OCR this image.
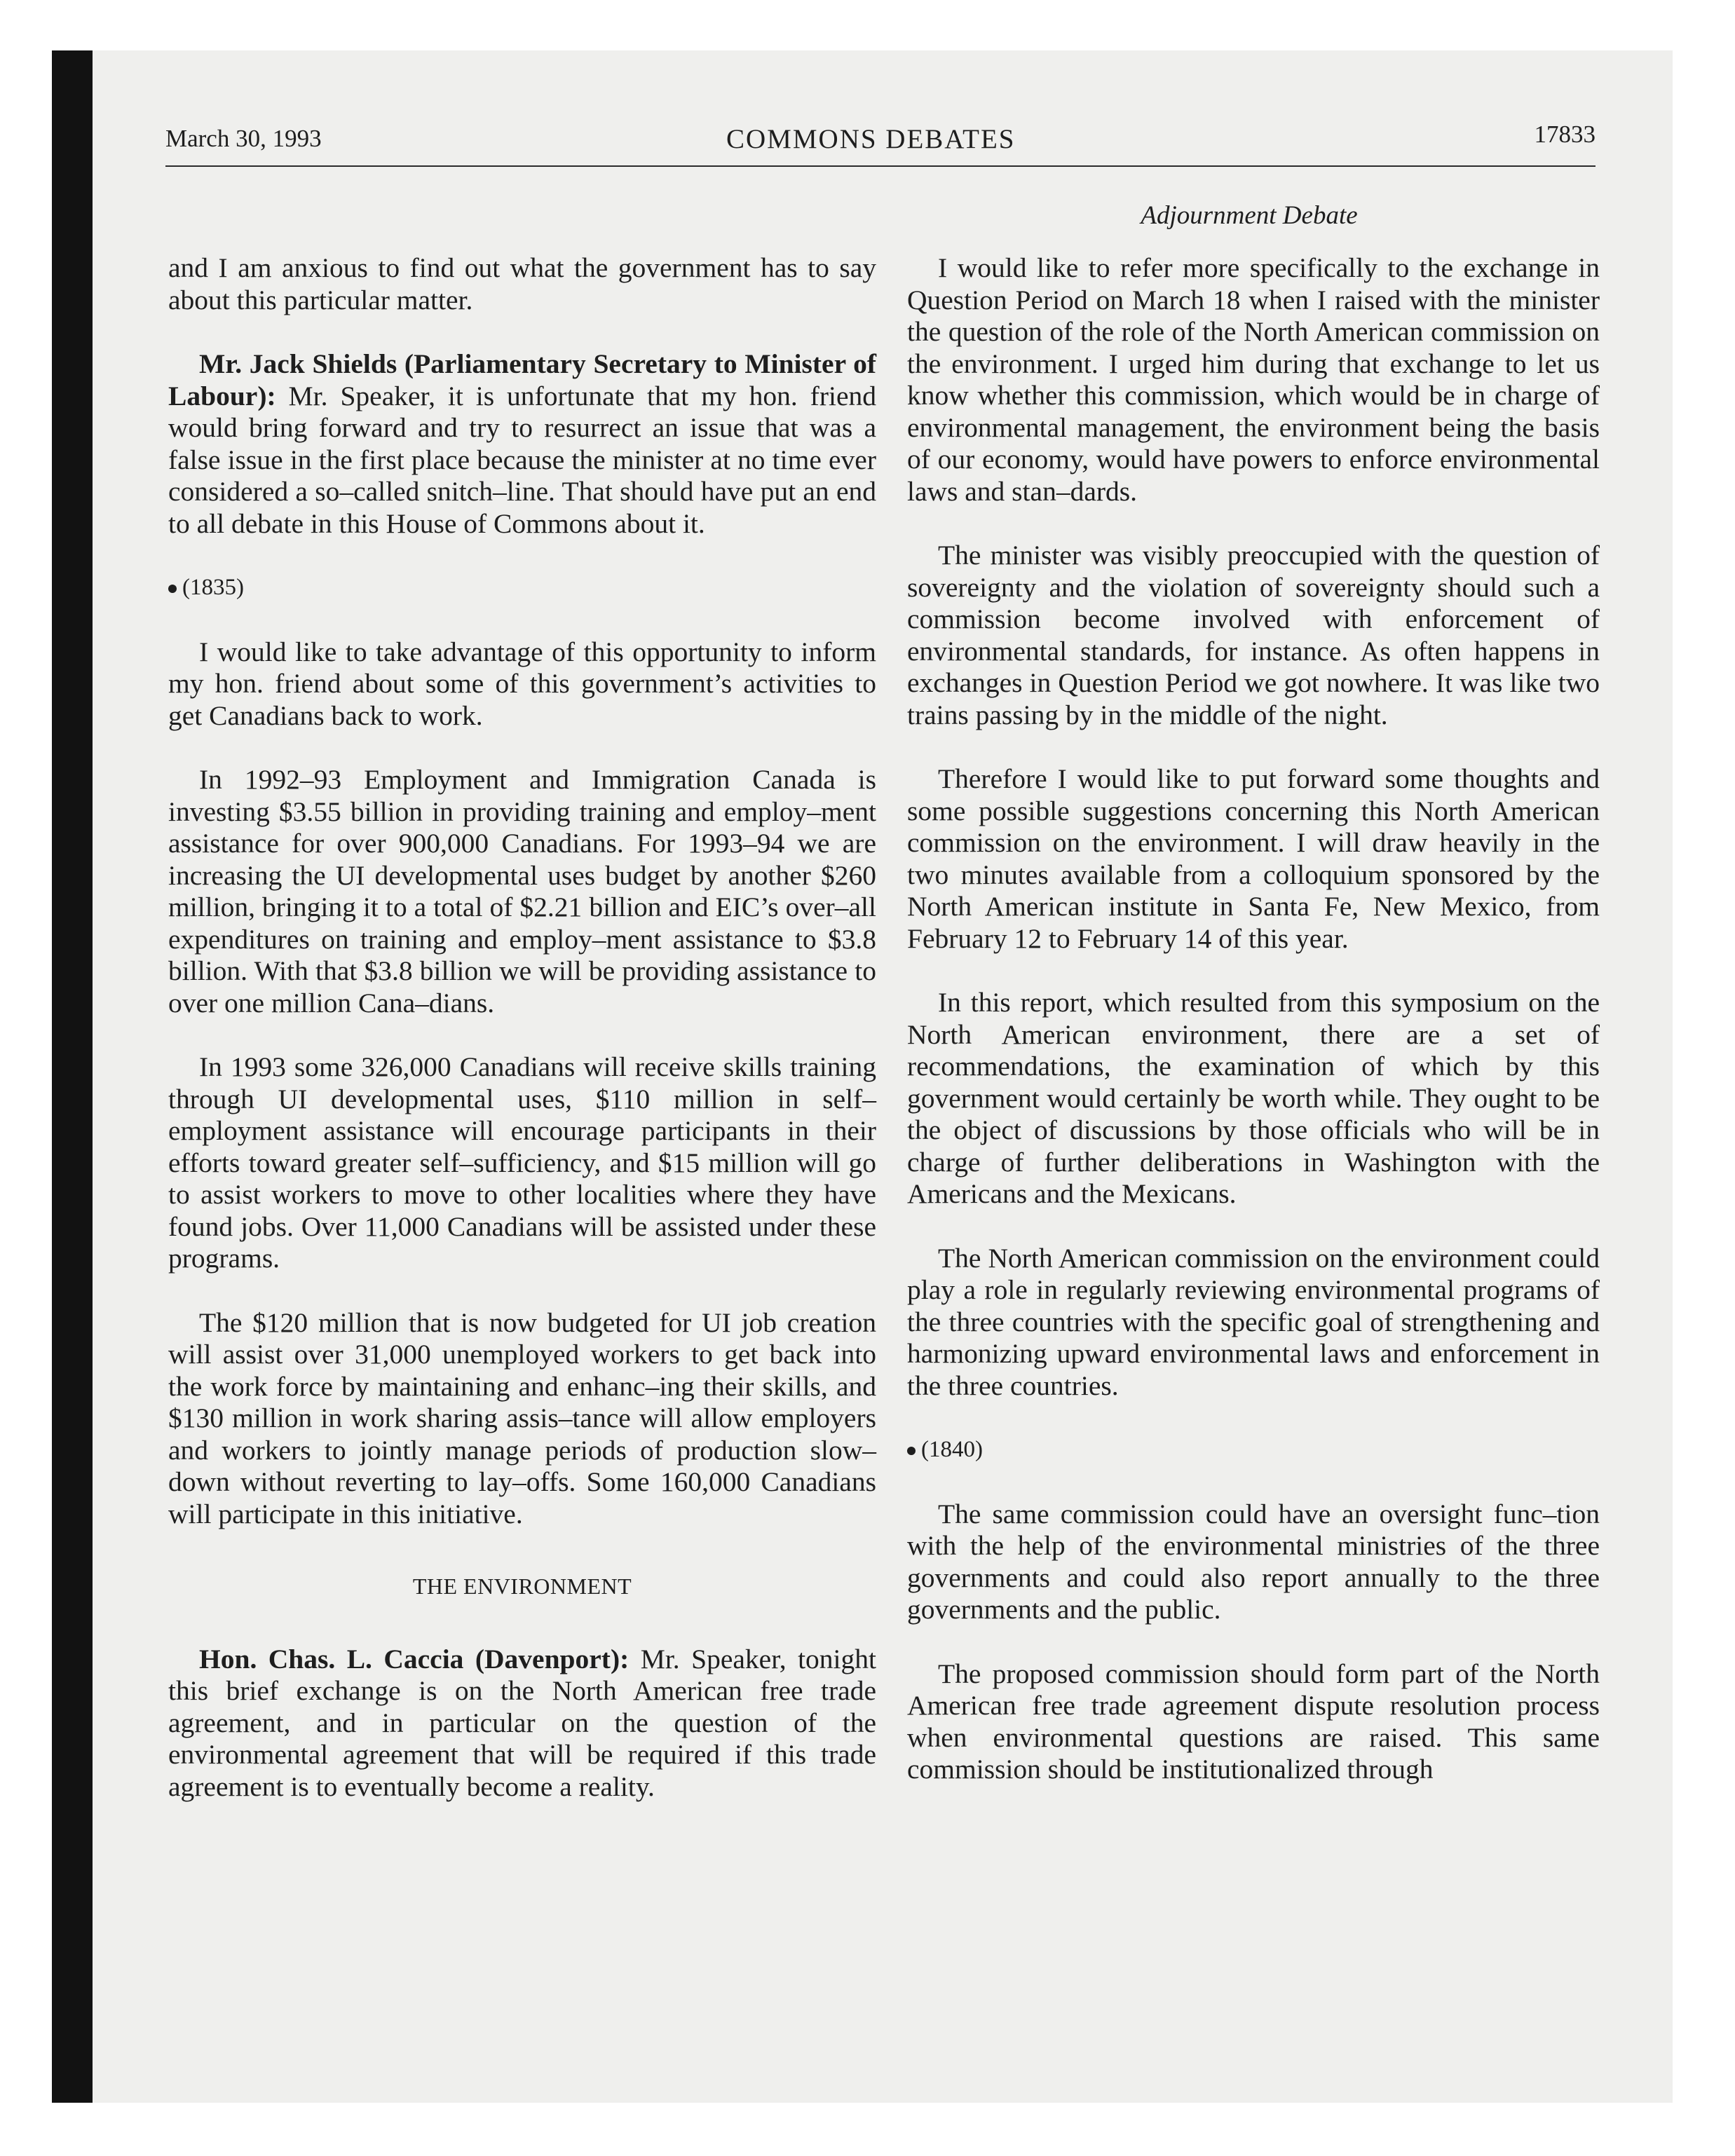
March 30, 1993	COMMONS DEBATES	17833
Adjournment Debate

and I am anxious to find out what the government has to say about this particular matter.

Mr. Jack Shields (Parliamentary Secretary to Minister of Labour): Mr. Speaker, it is unfortunate that my hon. friend would bring forward and try to resurrect an issue that was a false issue in the first place because the minister at no time ever considered a so–called snitch–line. That should have put an end to all debate in this House of Commons about it.

(1835)

I would like to take advantage of this opportunity to inform my hon. friend about some of this government’s activities to get Canadians back to work.

In 1992–93 Employment and Immigration Canada is investing $3.55 billion in providing training and employ–ment assistance for over 900,000 Canadians. For 1993–94 we are increasing the UI developmental uses budget by another $260 million, bringing it to a total of $2.21 billion and EIC’s over–all expenditures on training and employ–ment assistance to $3.8 billion. With that $3.8 billion we will be providing assistance to over one million Cana–dians.

In 1993 some 326,000 Canadians will receive skills training through UI developmental uses, $110 million in self–employment assistance will encourage participants in their efforts toward greater self–sufficiency, and $15 million will go to assist workers to move to other localities where they have found jobs. Over 11,000 Canadians will be assisted under these programs.

The $120 million that is now budgeted for UI job creation will assist over 31,000 unemployed workers to get back into the work force by maintaining and enhanc–ing their skills, and $130 million in work sharing assis–tance will allow employers and workers to jointly manage periods of production slow–down without reverting to lay–offs. Some 160,000 Canadians will participate in this initiative.

THE ENVIRONMENT

Hon. Chas. L. Caccia (Davenport): Mr. Speaker, tonight this brief exchange is on the North American free trade agreement, and in particular on the question of the environmental agreement that will be required if this trade agreement is to eventually become a reality.

I would like to refer more specifically to the exchange in Question Period on March 18 when I raised with the minister the question of the role of the North American commission on the environment. I urged him during that exchange to let us know whether this commission, which would be in charge of environmental management, the environment being the basis of our economy, would have powers to enforce environmental laws and stan–dards.

The minister was visibly preoccupied with the question of sovereignty and the violation of sovereignty should such a commission become involved with enforcement of environmental standards, for instance. As often happens in exchanges in Question Period we got nowhere. It was like two trains passing by in the middle of the night.

Therefore I would like to put forward some thoughts and some possible suggestions concerning this North American commission on the environment. I will draw heavily in the two minutes available from a colloquium sponsored by the North American institute in Santa Fe, New Mexico, from February 12 to February 14 of this year.

In this report, which resulted from this symposium on the North American environment, there are a set of recommendations, the examination of which by this government would certainly be worth while. They ought to be the object of discussions by those officials who will be in charge of further deliberations in Washington with the Americans and the Mexicans.

The North American commission on the environment could play a role in regularly reviewing environmental programs of the three countries with the specific goal of strengthening and harmonizing upward environmental laws and enforcement in the three countries.

(1840)

The same commission could have an oversight func–tion with the help of the environmental ministries of the three governments and could also report annually to the three governments and the public.

The proposed commission should form part of the North American free trade agreement dispute resolution process when environmental questions are raised. This same commission should be institutionalized through
